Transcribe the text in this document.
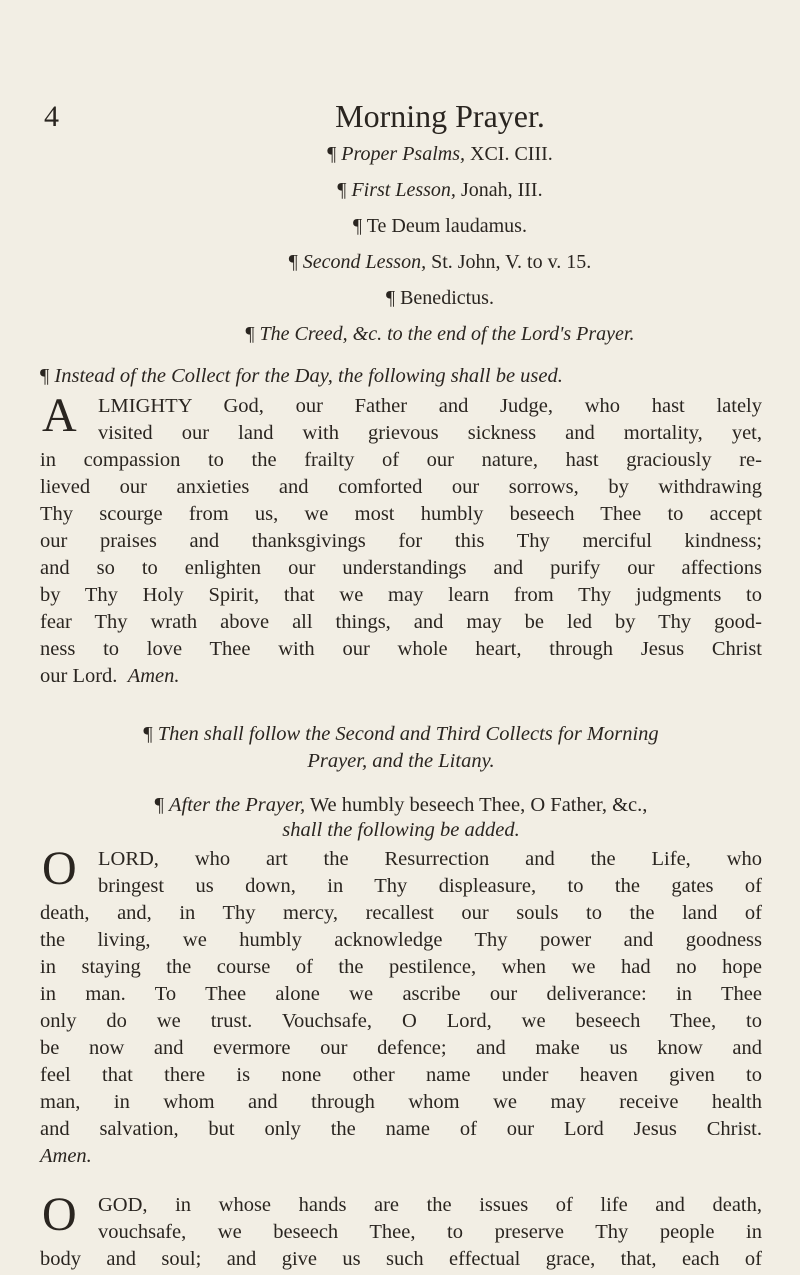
4	Morning Prayer.
¶ Proper Psalms, XCI. CIII.
¶ First Lesson, Jonah, III.
¶ Te Deum laudamus.
¶ Second Lesson, St. John, V. to v. 15.
¶ Benedictus.
¶ The Creed, &c. to the end of the Lord's Prayer.
¶ Instead of the Collect for the Day, the following shall be used.
A	LMIGHTY God, our Father and Judge, who hast lately
visited our land with grievous sickness and mortality, yet,
in compassion to the frailty of our nature, hast graciously re-
lieved our anxieties and comforted our sorrows, by withdrawing
Thy scourge from us, we most humbly beseech Thee to accept
our praises and thanksgivings for this Thy merciful kindness;
and so to enlighten our understandings and purify our affections
by Thy Holy Spirit, that we may learn from Thy judgments to
fear Thy wrath above all things, and may be led by Thy good-
ness to love Thee with our whole heart, through Jesus Christ
our Lord. Amen.
¶ Then shall follow the Second and Third Collects for Morning
Prayer, and the Litany.
¶ After the Prayer, We humbly beseech Thee, O Father, &c.,
shall the following be added.
O	LORD, who art the Resurrection and the Life, who
bringest us down, in Thy displeasure, to the gates of
death, and, in Thy mercy, recallest our souls to the land of
the living, we humbly acknowledge Thy power and goodness
in staying the course of the pestilence, when we had no hope
in man. To Thee alone we ascribe our deliverance: in Thee
only do we trust. Vouchsafe, O Lord, we beseech Thee, to
be now and evermore our defence; and make us know and
feel that there is none other name under heaven given to
man, in whom and through whom we may receive health
and salvation, but only the name of our Lord Jesus Christ.
Amen.
O	GOD, in whose hands are the issues of life and death,
vouchsafe, we beseech Thee, to preserve Thy people in
body and soul; and give us such effectual grace, that, each of
